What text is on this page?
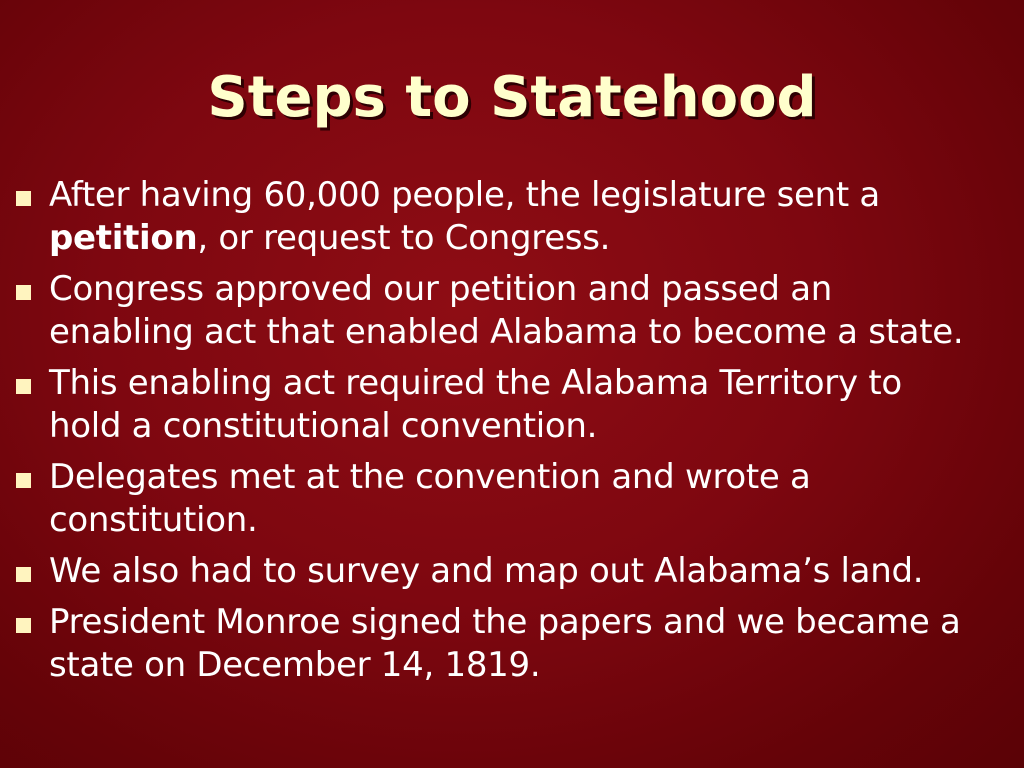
Steps to Statehood
After having 60,000 people, the legislature sent a petition, or request to Congress.
Congress approved our petition and passed an enabling act that enabled Alabama to become a state.
This enabling act required the Alabama Territory to hold a constitutional convention.
Delegates met at the convention and wrote a constitution.
We also had to survey and map out Alabama’s land.
President Monroe signed the papers and we became a state on December 14, 1819.
